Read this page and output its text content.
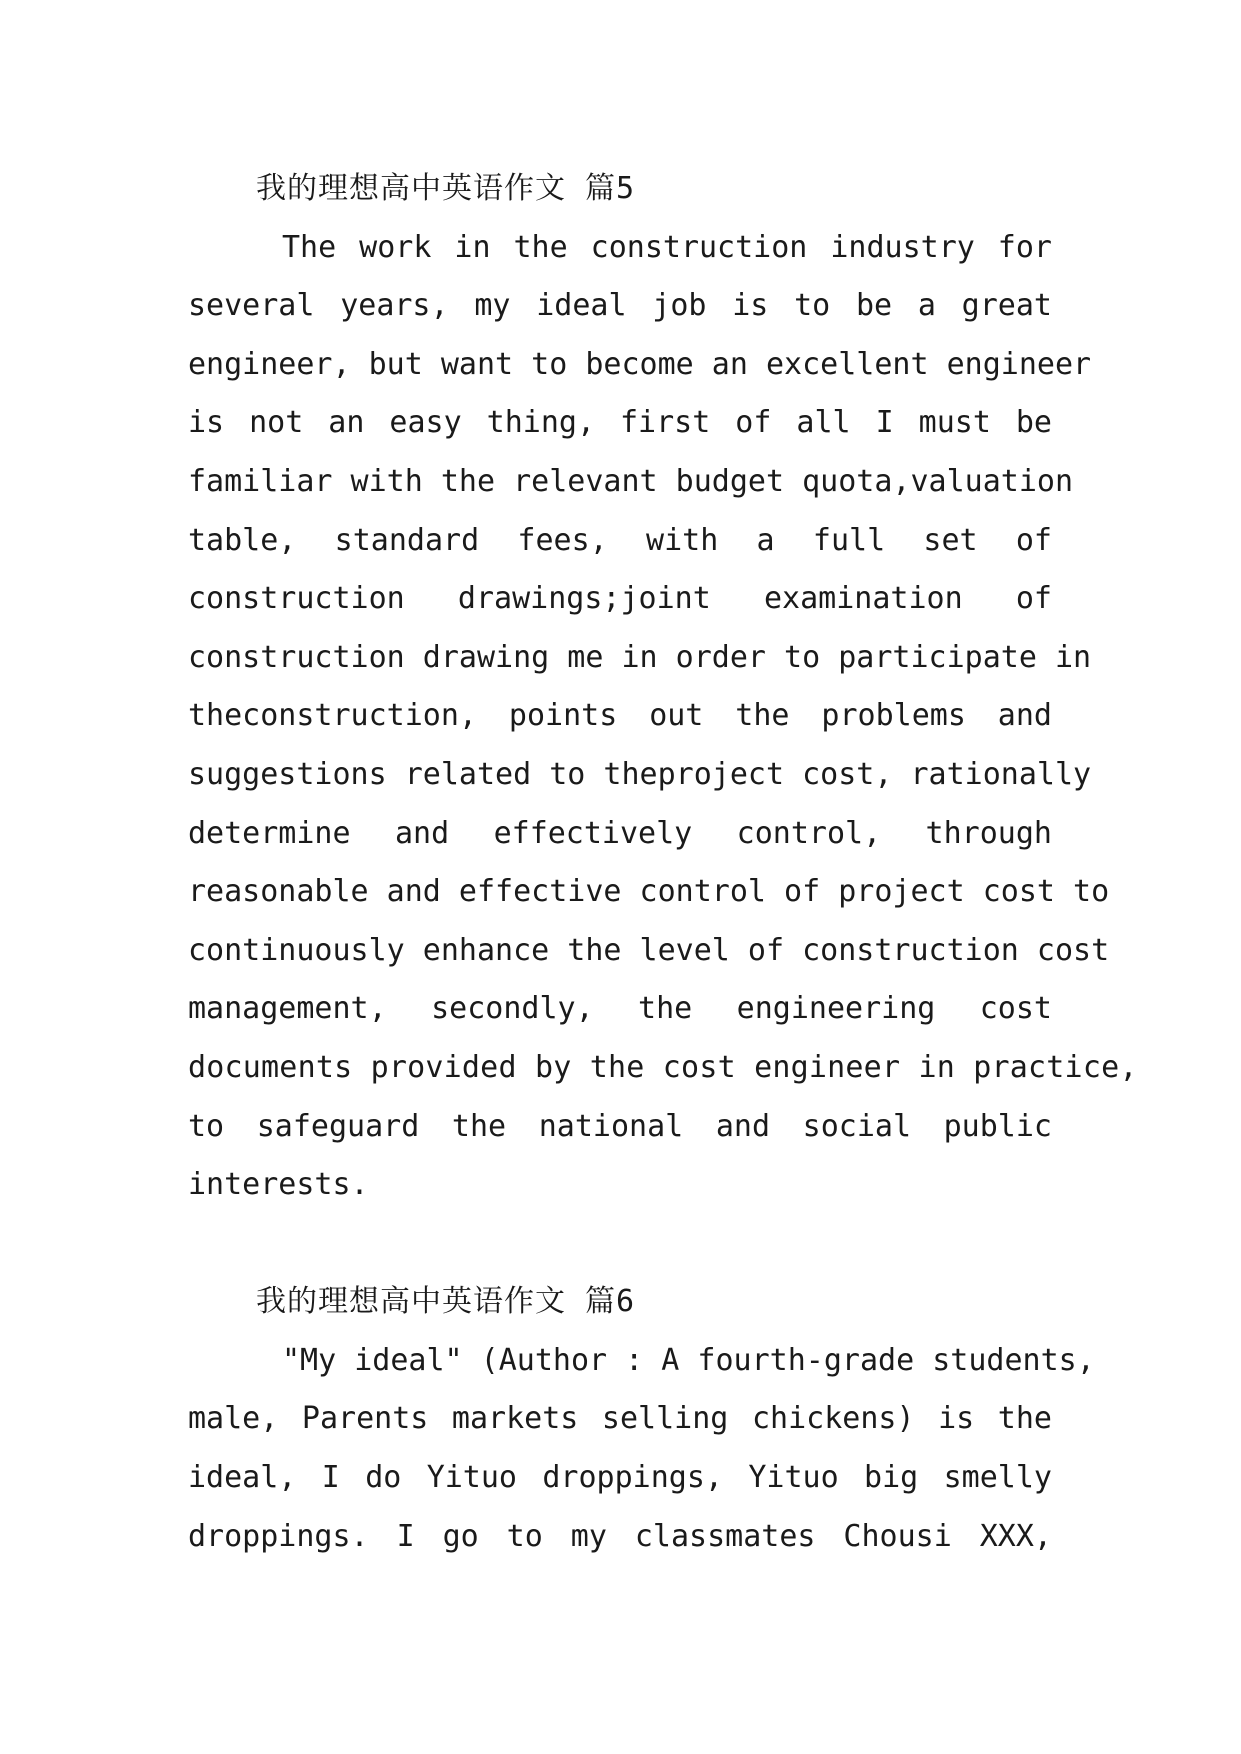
我的理想高中英语作文 篇5
The work in the construction industry for
several years, my ideal job is to be a great
engineer, but want to become an excellent engineer
is not an easy thing, first of all I must be
familiar with the relevant budget quota,valuation
table, standard fees, with a full set of
construction drawings;joint examination of
construction drawing me in order to participate in
theconstruction, points out the problems and
suggestions related to theproject cost, rationally
determine and effectively control, through
reasonable and effective control of project cost to
continuously enhance the level of construction cost
management, secondly, the engineering cost
documents provided by the cost engineer in practice,
to safeguard the national and social public
interests.
我的理想高中英语作文 篇6
"My ideal" (Author : A fourth-grade students,
male, Parents markets selling chickens) is the
ideal, I do Yituo droppings, Yituo big smelly
droppings. I go to my classmates Chousi XXX,
